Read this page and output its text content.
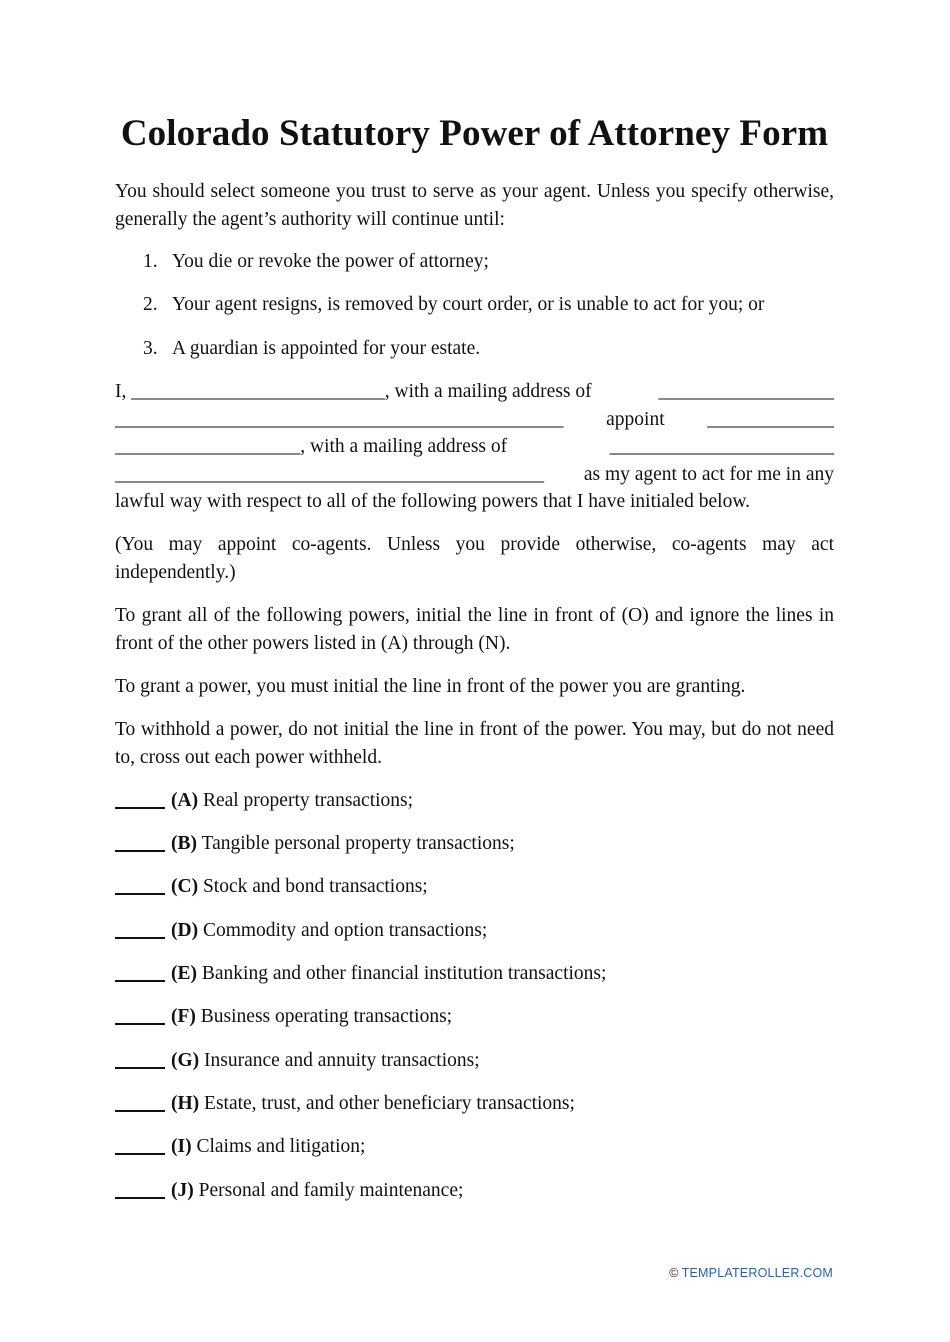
Colorado Statutory Power of Attorney Form
You should select someone you trust to serve as your agent. Unless you specify otherwise, generally the agent’s authority will continue until:
1. You die or revoke the power of attorney;
2. Your agent resigns, is removed by court order, or is unable to act for you; or
3. A guardian is appointed for your estate.
I, __________________________, with a mailing address of	__________________
______________________________________________ appoint _____________
___________________, with a mailing address of	_______________________
____________________________________________ as my agent to act for me in any
lawful way with respect to all of the following powers that I have initialed below.
(You may appoint co-agents. Unless you provide otherwise, co-agents may act independently.)
To grant all of the following powers, initial the line in front of (O) and ignore the lines in front of the other powers listed in (A) through (N).
To grant a power, you must initial the line in front of the power you are granting.
To withhold a power, do not initial the line in front of the power. You may, but do not need to, cross out each power withheld.
(A) Real property transactions;
(B) Tangible personal property transactions;
(C) Stock and bond transactions;
(D) Commodity and option transactions;
(E) Banking and other financial institution transactions;
(F) Business operating transactions;
(G) Insurance and annuity transactions;
(H) Estate, trust, and other beneficiary transactions;
(I) Claims and litigation;
(J) Personal and family maintenance;
© TEMPLATEROLLER.COM
